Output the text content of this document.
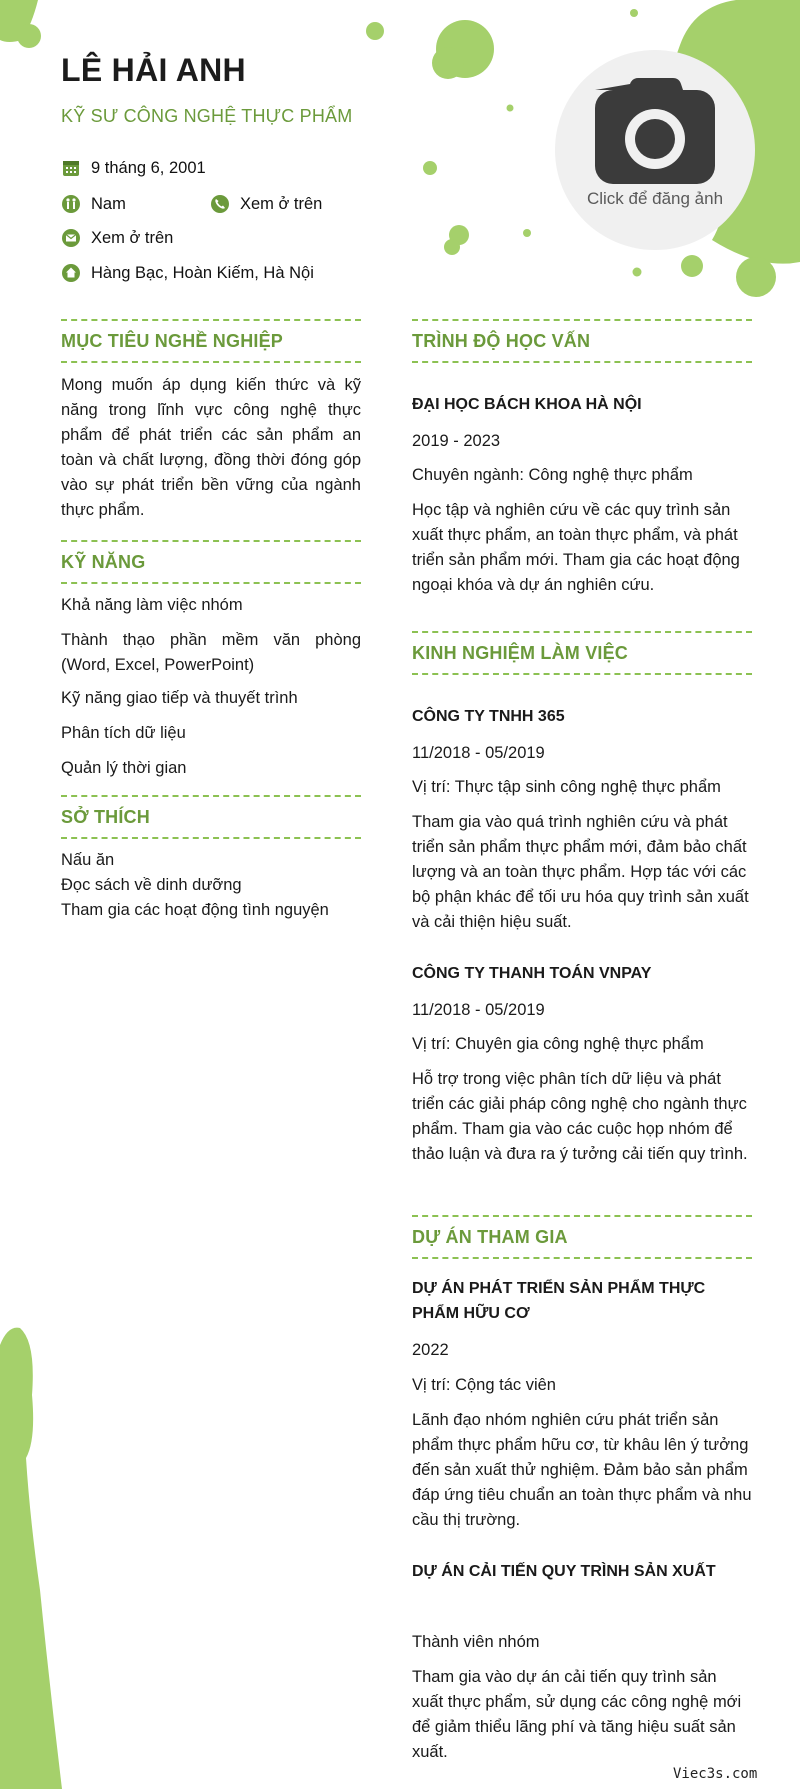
Click để đăng ảnh
LÊ HẢI ANH
KỸ SƯ CÔNG NGHỆ THỰC PHẨM
9 tháng 6, 2001
Nam	Xem ở trên
Xem ở trên
Hàng Bạc, Hoàn Kiếm, Hà Nội
MỤC TIÊU NGHỀ NGHIỆP
Mong muốn áp dụng kiến thức và kỹ năng trong lĩnh vực công nghệ thực phẩm để phát triển các sản phẩm an toàn và chất lượng, đồng thời đóng góp vào sự phát triển bền vững của ngành thực phẩm.
KỸ NĂNG
Khả năng làm việc nhóm
Thành thạo phần mềm văn phòng (Word, Excel, PowerPoint)
Kỹ năng giao tiếp và thuyết trình
Phân tích dữ liệu
Quản lý thời gian
SỞ THÍCH
Nấu ăn
Đọc sách về dinh dưỡng
Tham gia các hoạt động tình nguyện
TRÌNH ĐỘ HỌC VẤN
ĐẠI HỌC BÁCH KHOA HÀ NỘI
2019 - 2023
Chuyên ngành: Công nghệ thực phẩm
Học tập và nghiên cứu về các quy trình sản xuất thực phẩm, an toàn thực phẩm, và phát triển sản phẩm mới. Tham gia các hoạt động ngoại khóa và dự án nghiên cứu.
KINH NGHIỆM LÀM VIỆC
CÔNG TY TNHH 365
11/2018 - 05/2019
Vị trí: Thực tập sinh công nghệ thực phẩm
Tham gia vào quá trình nghiên cứu và phát triển sản phẩm thực phẩm mới, đảm bảo chất lượng và an toàn thực phẩm. Hợp tác với các bộ phận khác để tối ưu hóa quy trình sản xuất và cải thiện hiệu suất.
CÔNG TY THANH TOÁN VNPAY
11/2018 - 05/2019
Vị trí: Chuyên gia công nghệ thực phẩm
Hỗ trợ trong việc phân tích dữ liệu và phát triển các giải pháp công nghệ cho ngành thực phẩm. Tham gia vào các cuộc họp nhóm để thảo luận và đưa ra ý tưởng cải tiến quy trình.
DỰ ÁN THAM GIA
DỰ ÁN PHÁT TRIỂN SẢN PHẨM THỰC PHẨM HỮU CƠ
2022
Vị trí: Cộng tác viên
Lãnh đạo nhóm nghiên cứu phát triển sản phẩm thực phẩm hữu cơ, từ khâu lên ý tưởng đến sản xuất thử nghiệm. Đảm bảo sản phẩm đáp ứng tiêu chuẩn an toàn thực phẩm và nhu cầu thị trường.
DỰ ÁN CẢI TIẾN QUY TRÌNH SẢN XUẤT
Thành viên nhóm
Tham gia vào dự án cải tiến quy trình sản xuất thực phẩm, sử dụng các công nghệ mới để giảm thiểu lãng phí và tăng hiệu suất sản xuất.
Viec3s.com
